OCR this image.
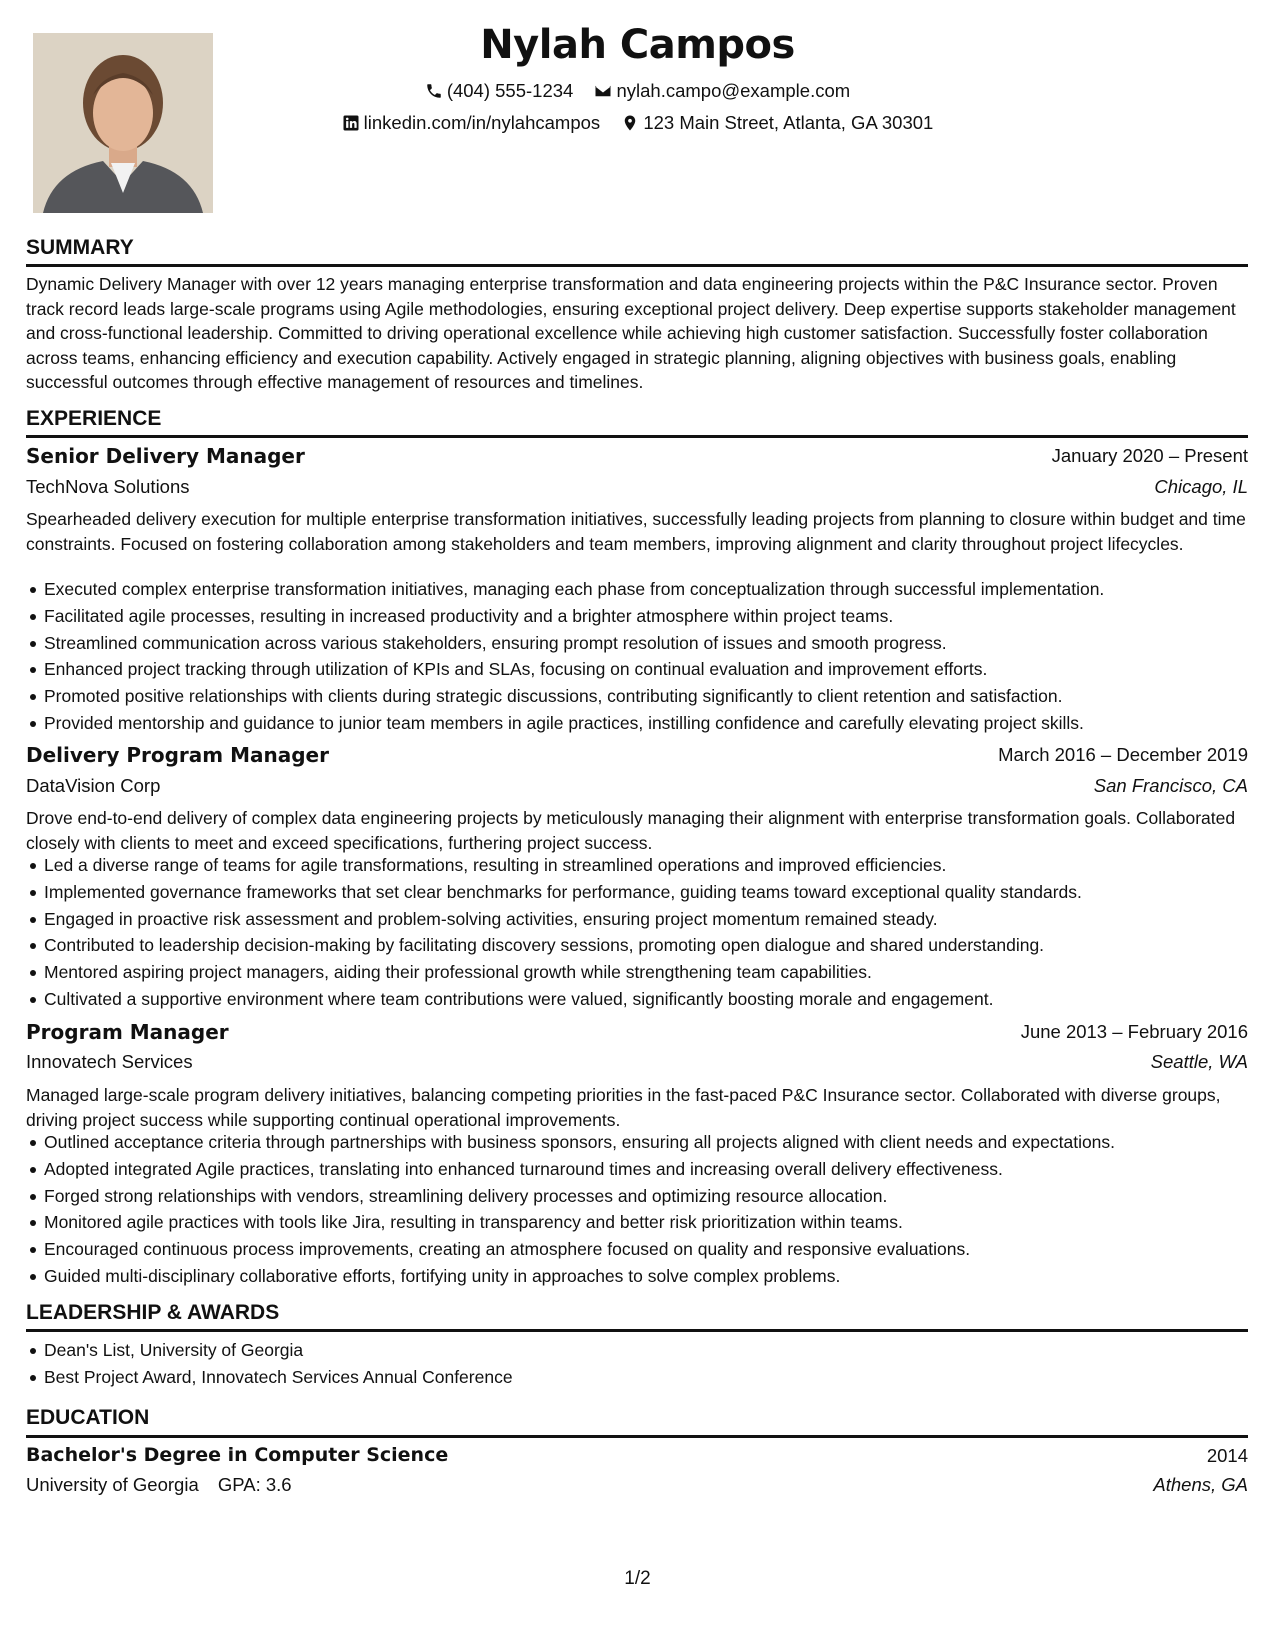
Nylah Campos
(404) 555-1234
nylah.campo@example.com
linkedin.com/in/nylahcampos
123 Main Street, Atlanta, GA 30301
SUMMARY
Dynamic Delivery Manager with over 12 years managing enterprise transformation and data engineering projects within the P&C Insurance sector. Proven track record leads large-scale programs using Agile methodologies, ensuring exceptional project delivery. Deep expertise supports stakeholder management and cross-functional leadership. Committed to driving operational excellence while achieving high customer satisfaction. Successfully foster collaboration across teams, enhancing efficiency and execution capability. Actively engaged in strategic planning, aligning objectives with business goals, enabling successful outcomes through effective management of resources and timelines.
EXPERIENCE
Senior Delivery Manager	January 2020 – Present
TechNova Solutions	Chicago, IL
Spearheaded delivery execution for multiple enterprise transformation initiatives, successfully leading projects from planning to closure within budget and time constraints. Focused on fostering collaboration among stakeholders and team members, improving alignment and clarity throughout project lifecycles.
Executed complex enterprise transformation initiatives, managing each phase from conceptualization through successful implementation.
Facilitated agile processes, resulting in increased productivity and a brighter atmosphere within project teams.
Streamlined communication across various stakeholders, ensuring prompt resolution of issues and smooth progress.
Enhanced project tracking through utilization of KPIs and SLAs, focusing on continual evaluation and improvement efforts.
Promoted positive relationships with clients during strategic discussions, contributing significantly to client retention and satisfaction.
Provided mentorship and guidance to junior team members in agile practices, instilling confidence and carefully elevating project skills.
Delivery Program Manager	March 2016 – December 2019
DataVision Corp	San Francisco, CA
Drove end-to-end delivery of complex data engineering projects by meticulously managing their alignment with enterprise transformation goals. Collaborated closely with clients to meet and exceed specifications, furthering project success.
Led a diverse range of teams for agile transformations, resulting in streamlined operations and improved efficiencies.
Implemented governance frameworks that set clear benchmarks for performance, guiding teams toward exceptional quality standards.
Engaged in proactive risk assessment and problem-solving activities, ensuring project momentum remained steady.
Contributed to leadership decision-making by facilitating discovery sessions, promoting open dialogue and shared understanding.
Mentored aspiring project managers, aiding their professional growth while strengthening team capabilities.
Cultivated a supportive environment where team contributions were valued, significantly boosting morale and engagement.
Program Manager	June 2013 – February 2016
Innovatech Services	Seattle, WA
Managed large-scale program delivery initiatives, balancing competing priorities in the fast-paced P&C Insurance sector. Collaborated with diverse groups, driving project success while supporting continual operational improvements.
Outlined acceptance criteria through partnerships with business sponsors, ensuring all projects aligned with client needs and expectations.
Adopted integrated Agile practices, translating into enhanced turnaround times and increasing overall delivery effectiveness.
Forged strong relationships with vendors, streamlining delivery processes and optimizing resource allocation.
Monitored agile practices with tools like Jira, resulting in transparency and better risk prioritization within teams.
Encouraged continuous process improvements, creating an atmosphere focused on quality and responsive evaluations.
Guided multi-disciplinary collaborative efforts, fortifying unity in approaches to solve complex problems.
LEADERSHIP & AWARDS
Dean's List, University of Georgia
Best Project Award, Innovatech Services Annual Conference
EDUCATION
Bachelor's Degree in Computer Science	2014
University of Georgia GPA: 3.6	Athens, GA
1/2
